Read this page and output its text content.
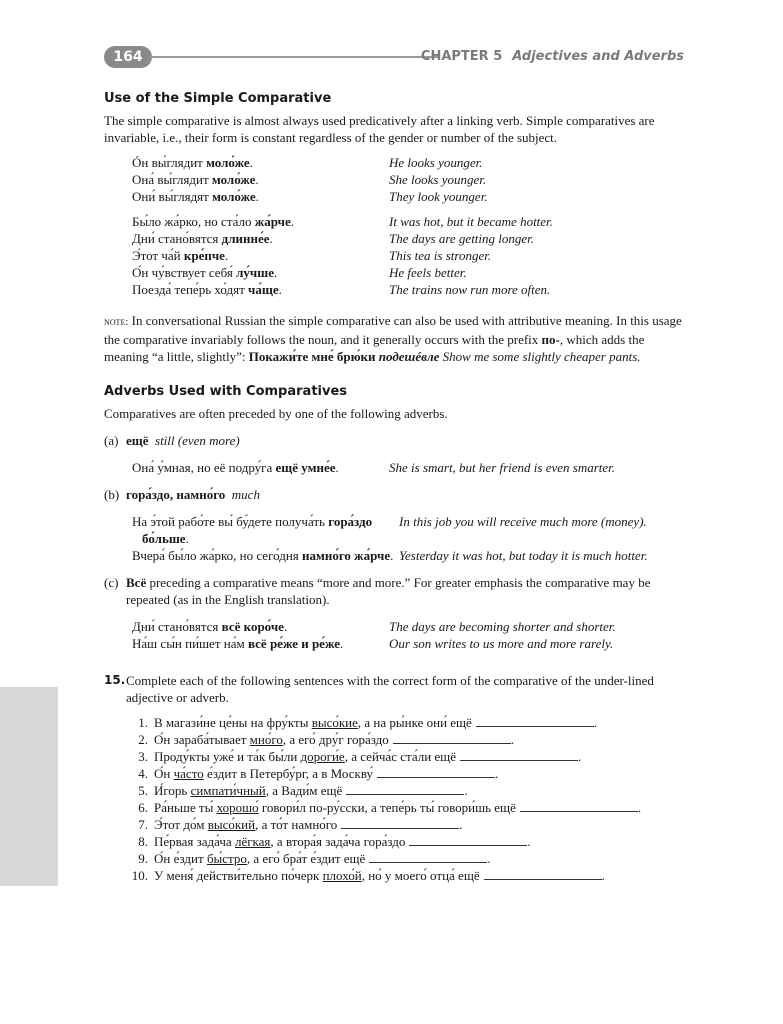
164	CHAPTER 5 Adjectives and Adverbs
Use of the Simple Comparative

The simple comparative is almost always used predicatively after a linking verb. Simple comparatives are invariable, i.e., their form is constant regardless of the gender or number of the subject.

Óн вы́глядит моло́же.	He looks younger.
Она́ вы́глядит моло́же.	She looks younger.
Они́ вы́глядят моло́же.	They look younger.
Бы́ло жа́рко, но ста́ло жа́рче.	It was hot, but it became hotter.
Дни́ стано́вятся длинне́е.	The days are getting longer.
Э́тот ча́й кре́пче.	This tea is stronger.
О́н чу́вствует себя́ лу́чше.	He feels better.
Поезда́ тепе́рь хо́дят ча́ще.	The trains now run more often.

note: In conversational Russian the simple comparative can also be used with attributive meaning. In this usage the comparative invariably follows the noun, and it generally occurs with the prefix по-, which adds the meaning “a little, slightly”: Покажи́те мне́ брю́ки подешéвле Show me some slightly cheaper pants.

Adverbs Used with Comparatives

Comparatives are often preceded by one of the following adverbs.

(a) ещё still (even more)
Она́ у́мная, но её подру́га ещё умне́е.	She is smart, but her friend is even smarter.
(b) гора́здо, намно́го much
На э́той рабо́те вы́ бу́дете получа́ть гора́здо бо́льше.
In this job you will receive much more (money).
Вчера́ бы́ло жа́рко, но сего́дня намно́го жа́рче. Yesterday it was hot, but today it is much hotter.
(c) Всё preceding a comparative means “more and more.” For greater emphasis the comparative may be repeated (as in the English translation).
Дни́ стано́вятся всё коро́че.	The days are becoming shorter and shorter.
На́ш сы́н пи́шет на́м всё ре́же и ре́же.	Our son writes to us more and more rarely.
15. Complete each of the following sentences with the correct form of the comparative of the under-lined adjective or adverb.
1. В магази́не це́ны на фру́кты высо́кие, а на ры́нке они́ ещё	.
2. О́н зараба́тывает мно́го, а его́ дру́г гора́здо	.
3. Проду́кты уже́ и та́к бы́ли дороги́е, а сейча́с ста́ли ещё	.
4. О́н ча́сто е́здит в Петербу́рг, а в Москву́	.
5. И́горь симпати́чный, а Вади́м ещё	.
6. Ра́ньше ты́ хорошо́ говори́л по-ру́сски, а тепе́рь ты́ говори́шь ещё	.
7. Э́тот до́м высо́кий, а то́т намно́го	.
8. Пе́рвая зада́ча лёгкая, а втора́я зада́ча гора́здо	.
9. О́н е́здит бы́стро, а его́ бра́т е́здит ещё	.
10. У меня́ действи́тельно по́черк плохо́й, но́ у моего́ отца́ ещё	.
